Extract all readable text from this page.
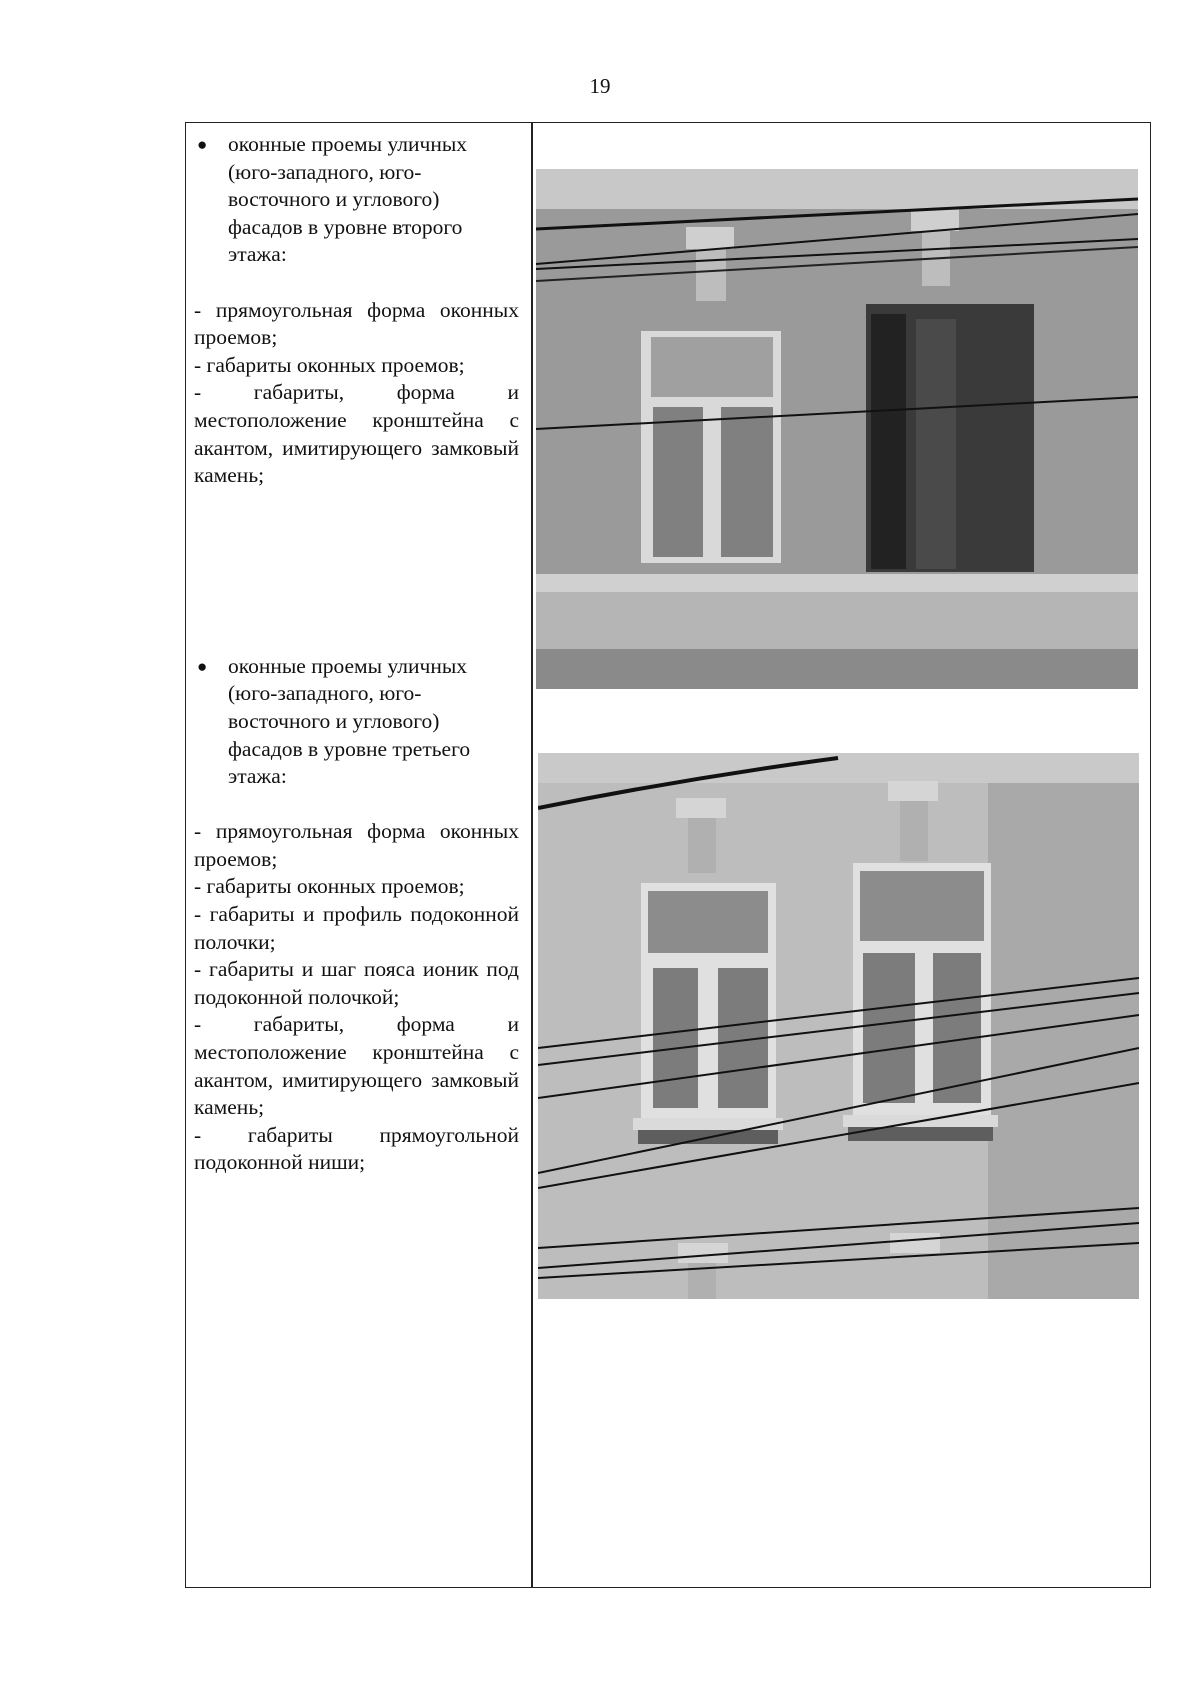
19
● оконные проемы уличных (юго-западного, юго-восточного и углового) фасадов в уровне второго этажа:
- прямоугольная форма оконных проемов;
- габариты оконных проемов;
- габариты, форма и местоположение кронштейна с акантом, имитирующего замковый камень;
● оконные проемы уличных (юго-западного, юго-восточного и углового) фасадов в уровне третьего этажа:
- прямоугольная форма оконных проемов;
- габариты оконных проемов;
- габариты и профиль подоконной полочки;
- габариты и шаг пояса ионик под подоконной полочкой;
- габариты, форма и местоположение кронштейна с акантом, имитирующего замковый камень;
- габариты прямоугольной подоконной ниши;
